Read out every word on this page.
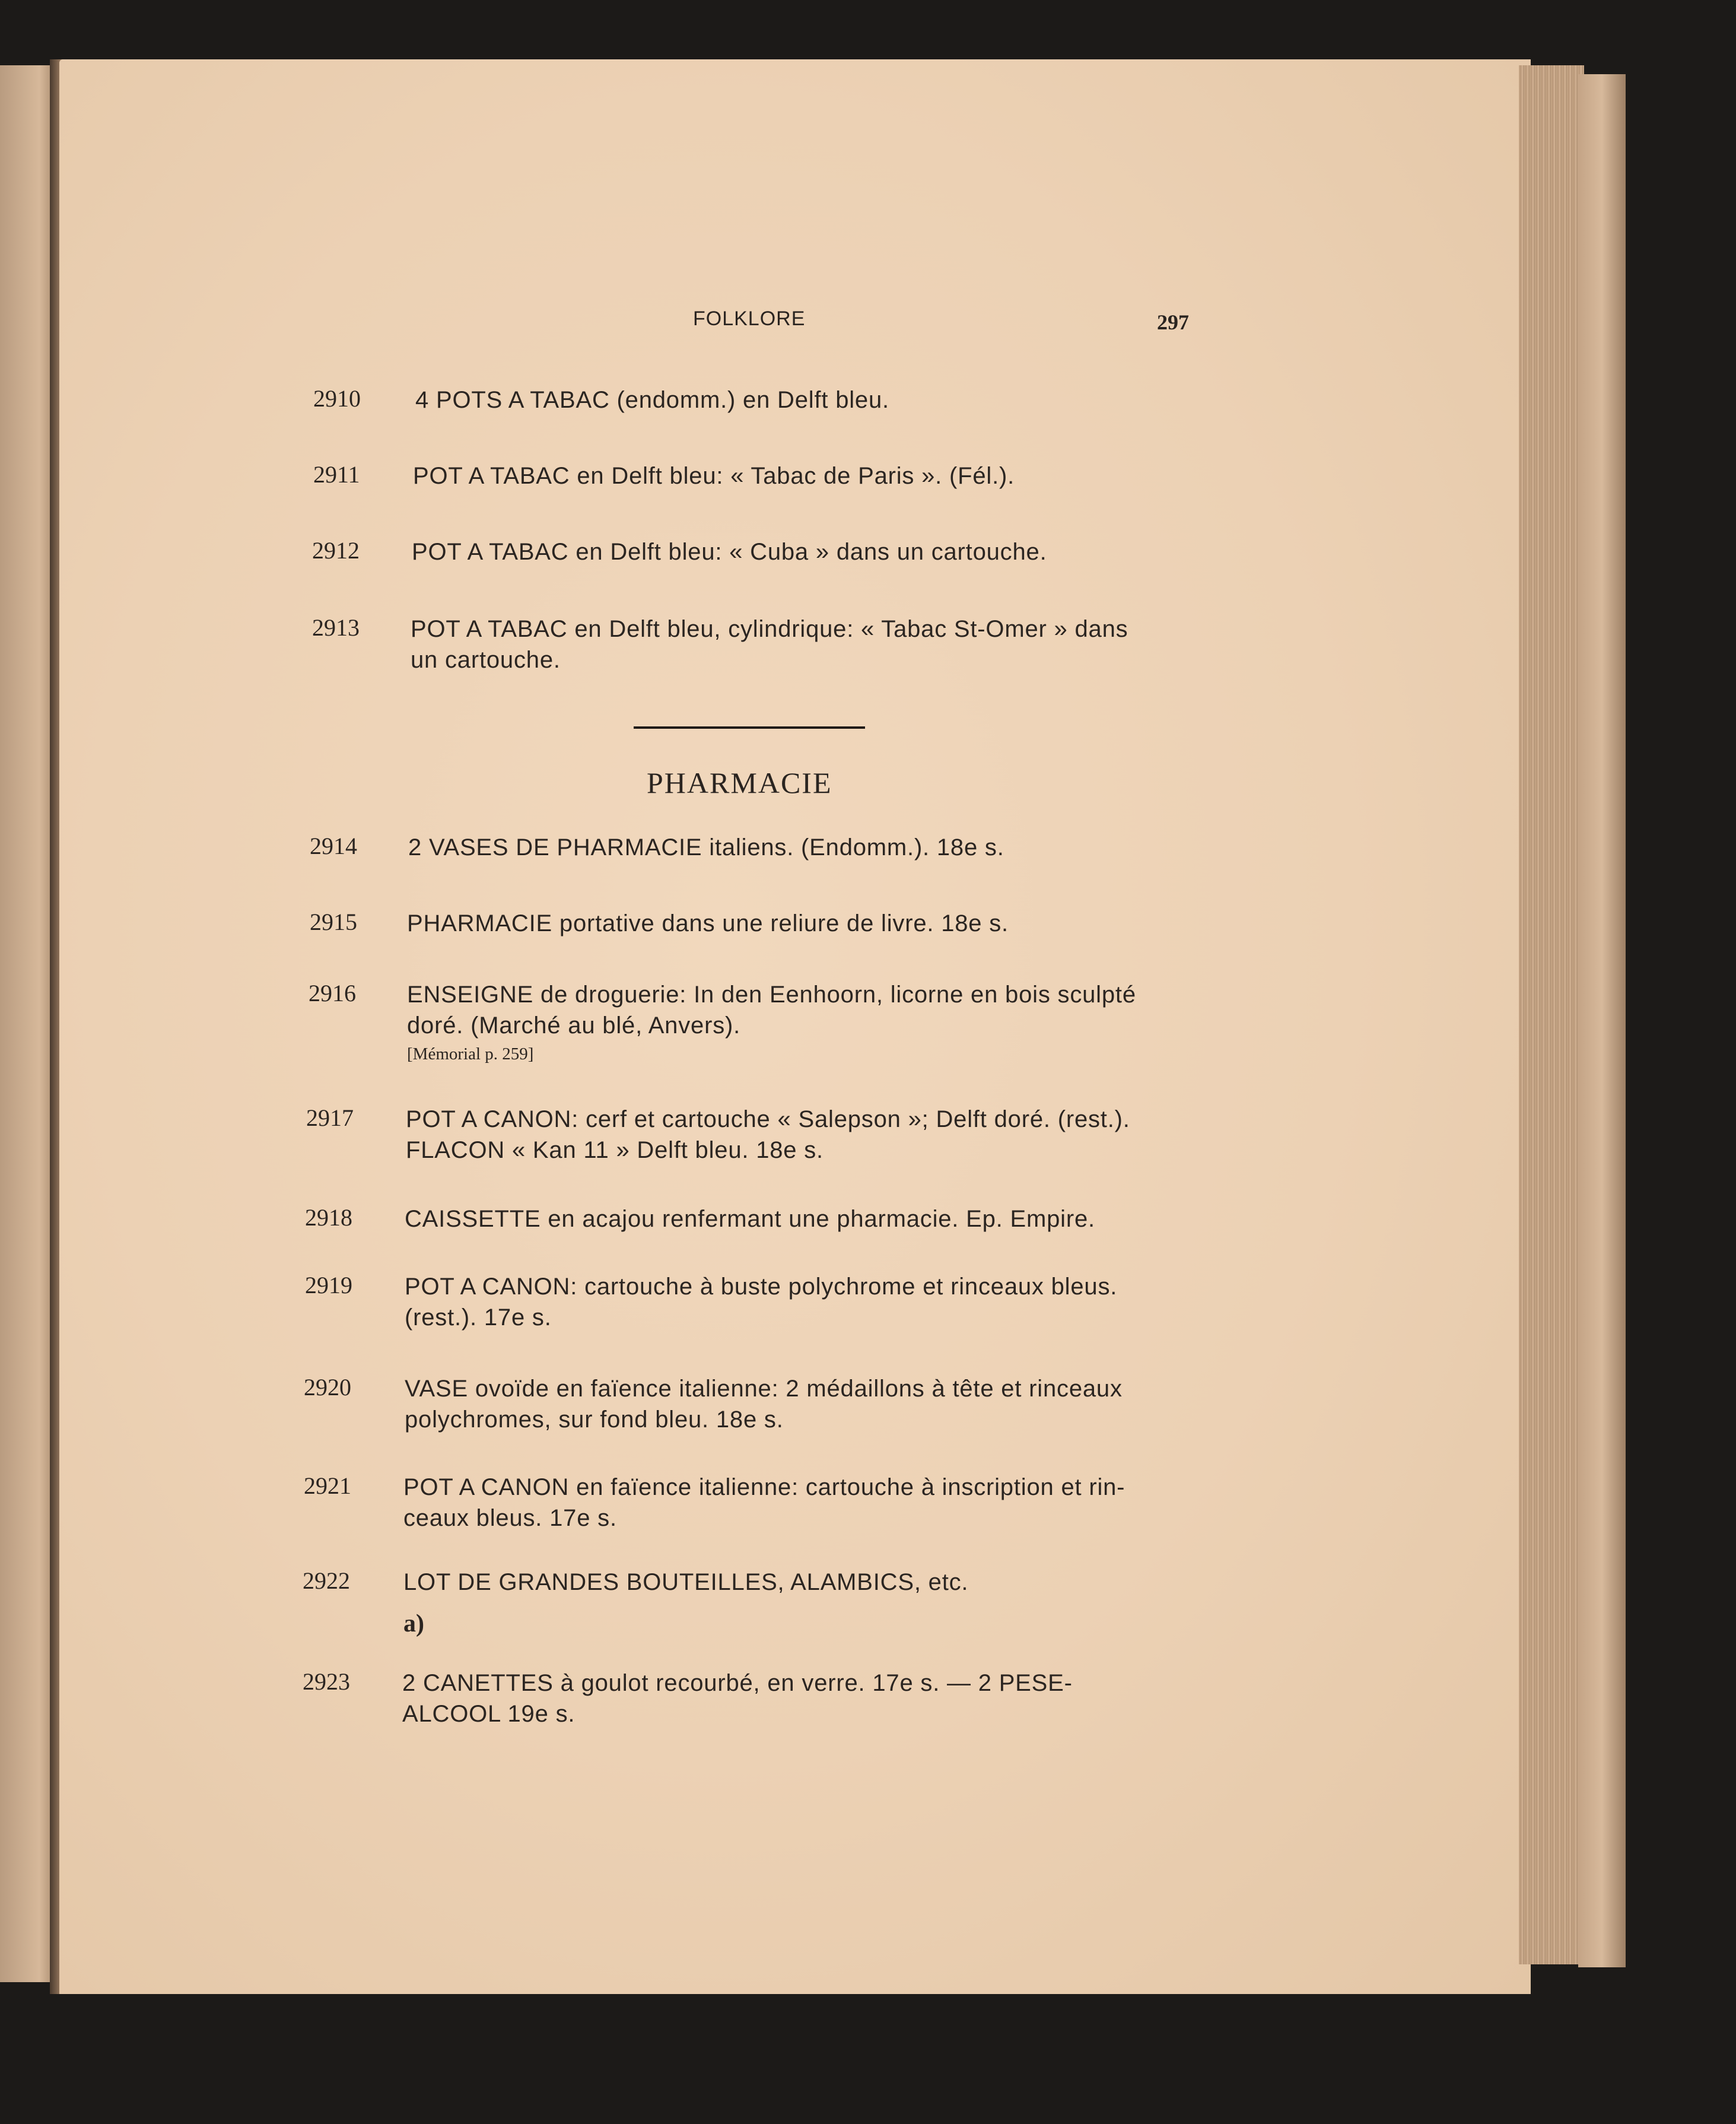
FOLKLORE	297
2910 4 POTS A TABAC (endomm.) en Delft bleu.
2911 POT A TABAC en Delft bleu: « Tabac de Paris ». (Fél.).
2912 POT A TABAC en Delft bleu: « Cuba » dans un cartouche.
2913 POT A TABAC en Delft bleu, cylindrique: « Tabac St-Omer » dans
un cartouche.
PHARMACIE
2914 2 VASES DE PHARMACIE italiens. (Endomm.). 18e s.
2915 PHARMACIE portative dans une reliure de livre. 18e s.
2916 ENSEIGNE de droguerie: In den Eenhoorn, licorne en bois sculpté
doré. (Marché au blé, Anvers).
[Mémorial p. 259]
2917 POT A CANON: cerf et cartouche « Salepson »; Delft doré. (rest.).
FLACON « Kan 11 » Delft bleu. 18e s.
2918 CAISSETTE en acajou renfermant une pharmacie. Ep. Empire.
2919 POT A CANON: cartouche à buste polychrome et rinceaux bleus.
(rest.). 17e s.
2920 VASE ovoïde en faïence italienne: 2 médaillons à tête et rinceaux
polychromes, sur fond bleu. 18e s.
2921 POT A CANON en faïence italienne: cartouche à inscription et rin-
ceaux bleus. 17e s.
2922 LOT DE GRANDES BOUTEILLES, ALAMBICS, etc.
a)
2923 2 CANETTES à goulot recourbé, en verre. 17e s. — 2 PESE-
ALCOOL 19e s.
